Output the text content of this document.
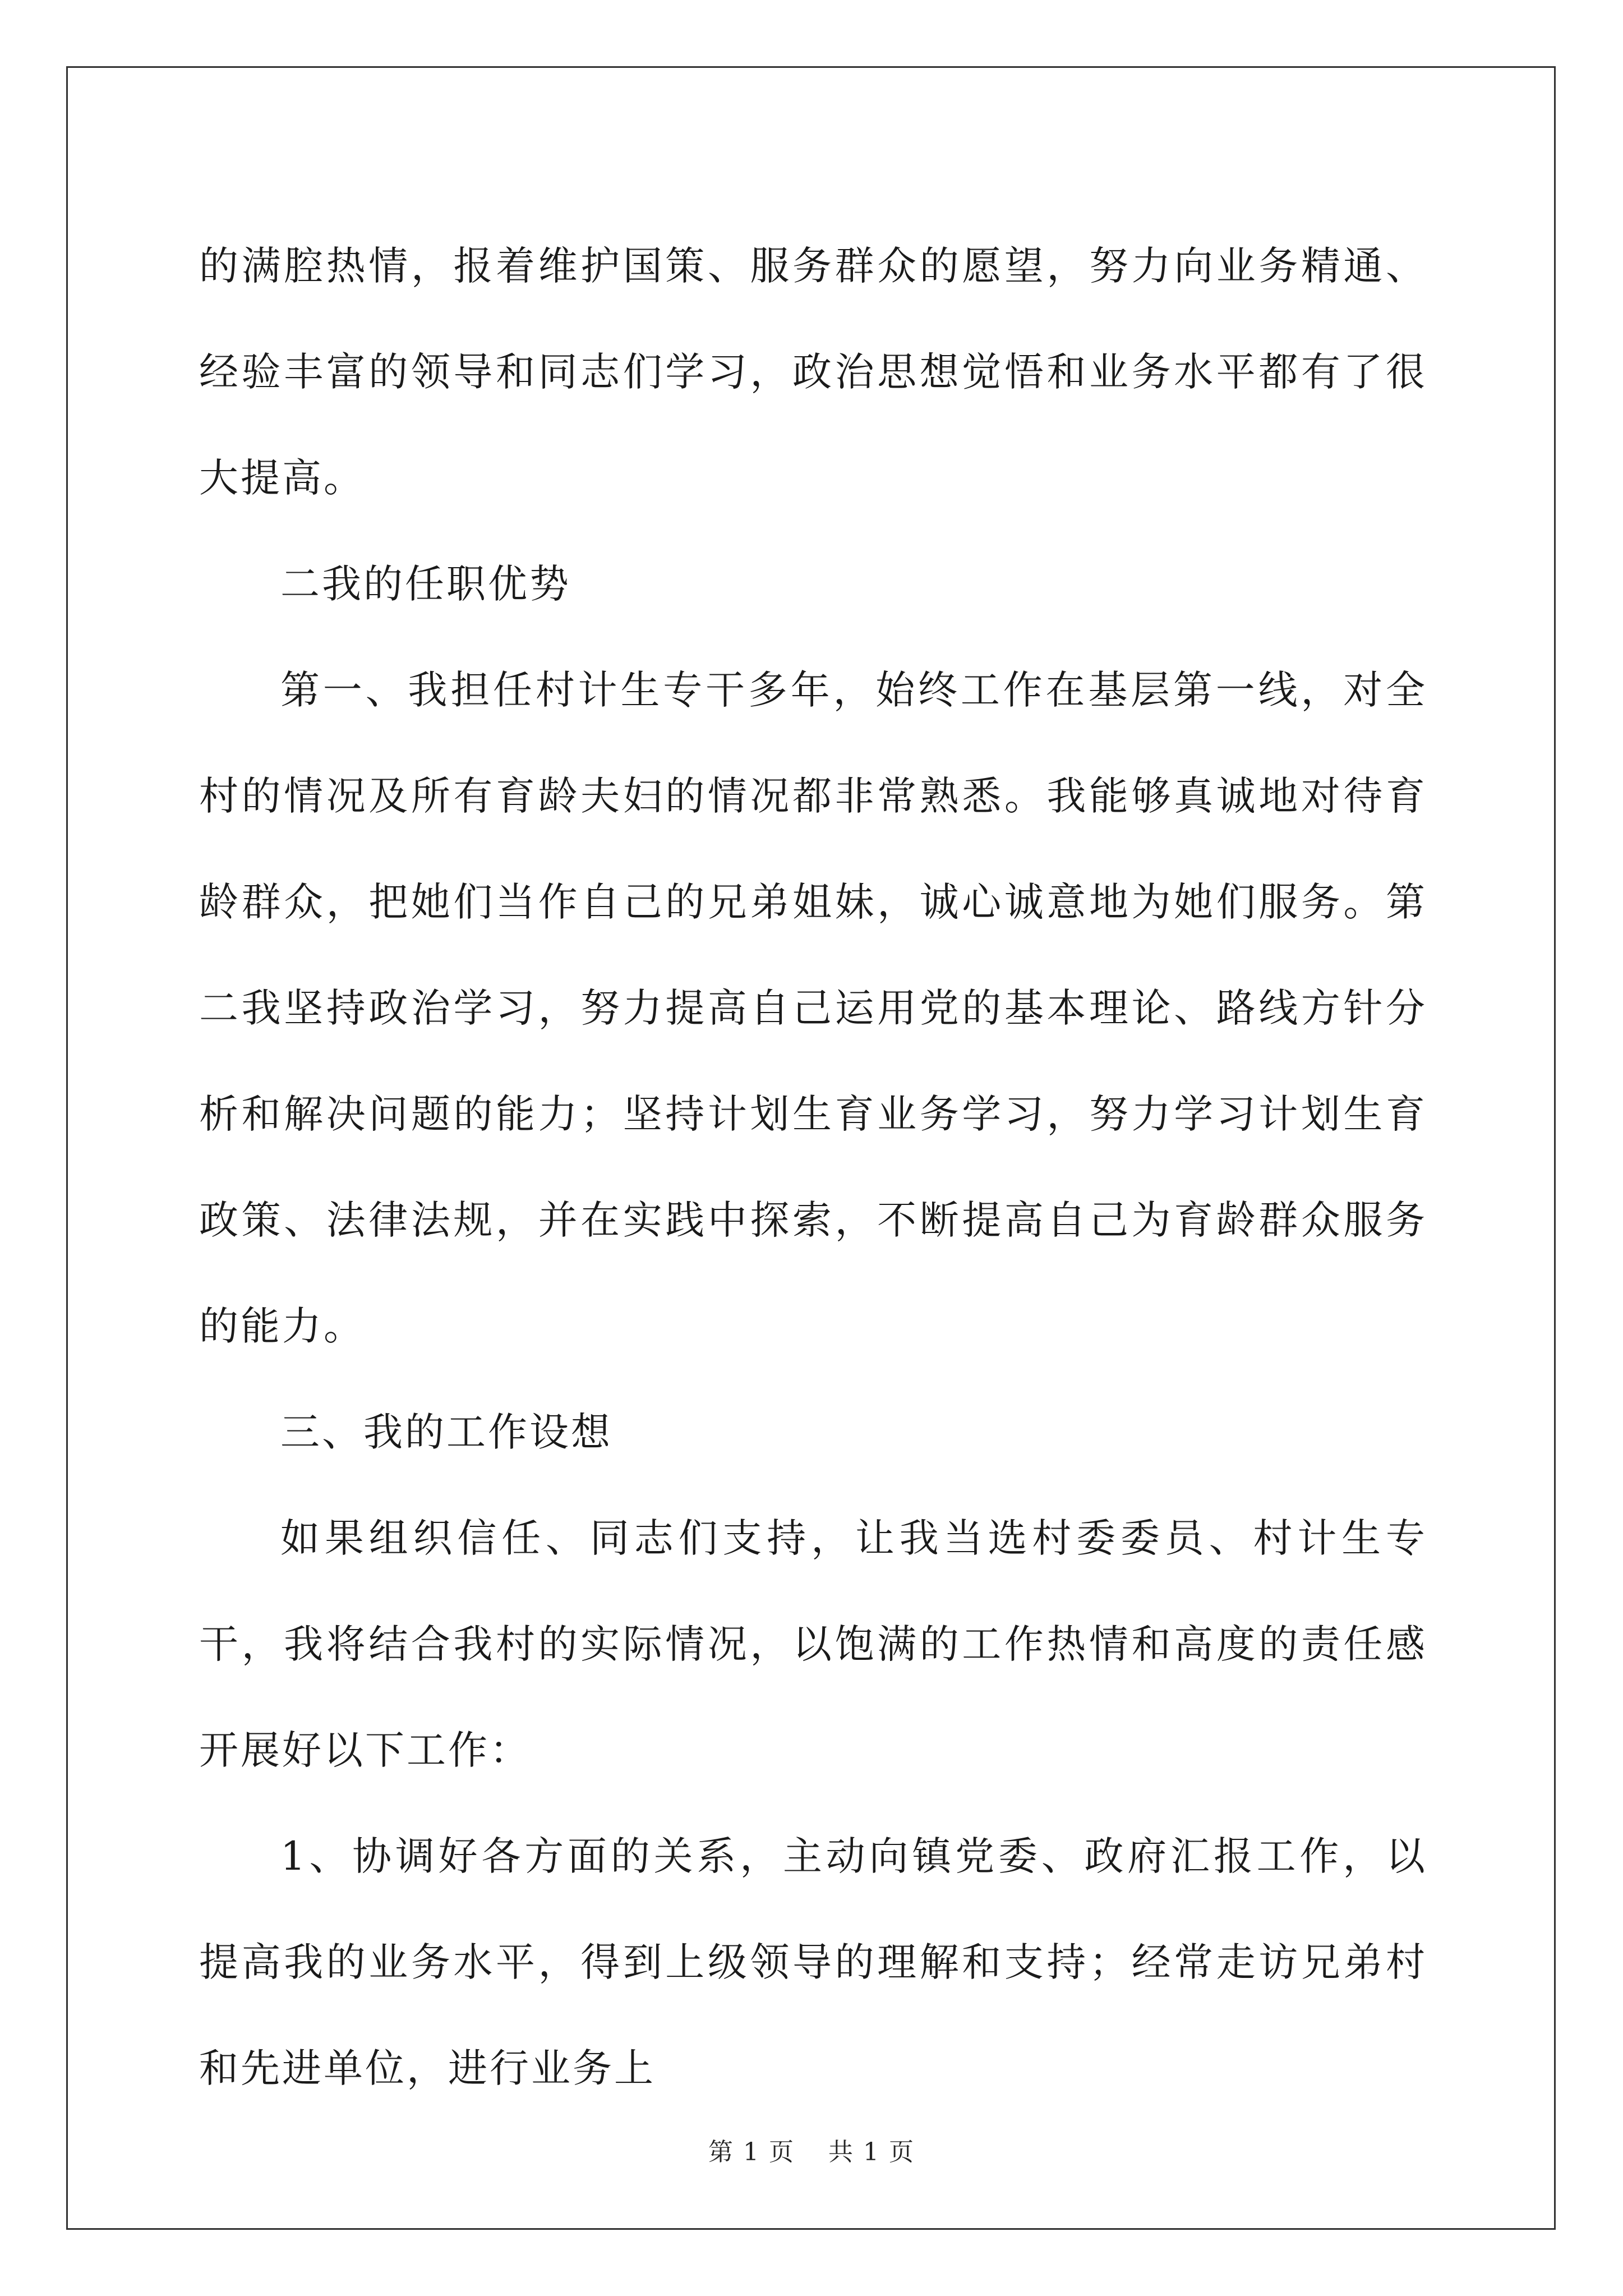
的满腔热情，报着维护国策、服务群众的愿望，努力向业务精通、经验丰富的领导和同志们学习，政治思想觉悟和业务水平都有了很大提高。

二我的任职优势

第一、我担任村计生专干多年，始终工作在基层第一线，对全村的情况及所有育龄夫妇的情况都非常熟悉。我能够真诚地对待育龄群众，把她们当作自己的兄弟姐妹，诚心诚意地为她们服务。第二我坚持政治学习，努力提高自己运用党的基本理论、路线方针分析和解决问题的能力；坚持计划生育业务学习，努力学习计划生育政策、法律法规，并在实践中探索，不断提高自己为育龄群众服务的能力。

三、我的工作设想

如果组织信任、同志们支持，让我当选村委委员、村计生专干，我将结合我村的实际情况，以饱满的工作热情和高度的责任感开展好以下工作：

1、协调好各方面的关系，主动向镇党委、政府汇报工作，以提高我的业务水平，得到上级领导的理解和支持；经常走访兄弟村和先进单位，进行业务上

第 1 页 共 1 页
